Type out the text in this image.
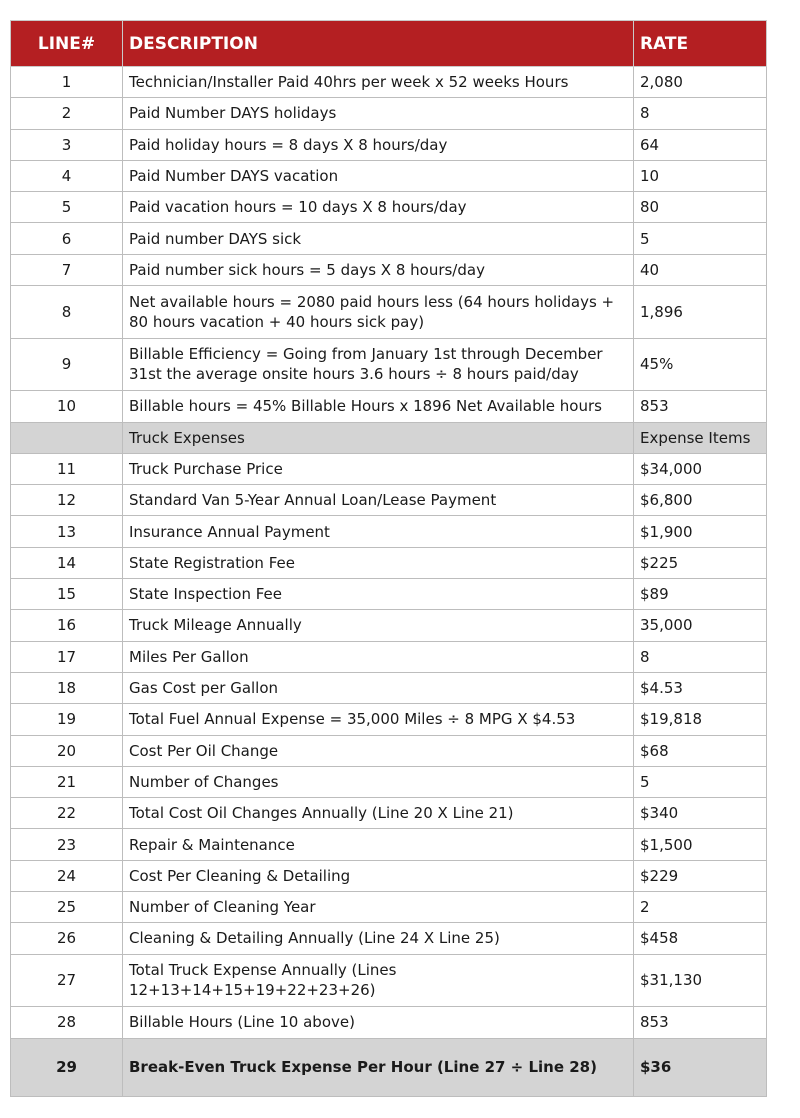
LINE#	DESCRIPTION	RATE
1	Technician/Installer Paid 40hrs per week x 52 weeks Hours	2,080
2	Paid Number DAYS holidays	8
3	Paid holiday hours = 8 days X 8 hours/day	64
4	Paid Number DAYS vacation	10
5	Paid vacation hours = 10 days X 8 hours/day	80
6	Paid number DAYS sick	5
7	Paid number sick hours = 5 days X 8 hours/day	40
8	Net available hours = 2080 paid hours less (64 hours holidays + 80 hours vacation + 40 hours sick pay)	1,896
9	Billable Efficiency = Going from January 1st through December 31st the average onsite hours 3.6 hours ÷ 8 hours paid/day	45%
10	Billable hours = 45% Billable Hours x 1896 Net Available hours	853
	Truck Expenses	Expense Items
11	Truck Purchase Price	$34,000
12	Standard Van 5-Year Annual Loan/Lease Payment	$6,800
13	Insurance Annual Payment	$1,900
14	State Registration Fee	$225
15	State Inspection Fee	$89
16	Truck Mileage Annually	35,000
17	Miles Per Gallon	8
18	Gas Cost per Gallon	$4.53
19	Total Fuel Annual Expense = 35,000 Miles ÷ 8 MPG X $4.53	$19,818
20	Cost Per Oil Change	$68
21	Number of Changes	5
22	Total Cost Oil Changes Annually (Line 20 X Line 21)	$340
23	Repair & Maintenance	$1,500
24	Cost Per Cleaning & Detailing	$229
25	Number of Cleaning Year	2
26	Cleaning & Detailing Annually (Line 24 X Line 25)	$458
27	Total Truck Expense Annually (Lines 12+13+14+15+19+22+23+26)	$31,130
28	Billable Hours (Line 10 above)	853
29	Break-Even Truck Expense Per Hour (Line 27 ÷ Line 28)	$36
